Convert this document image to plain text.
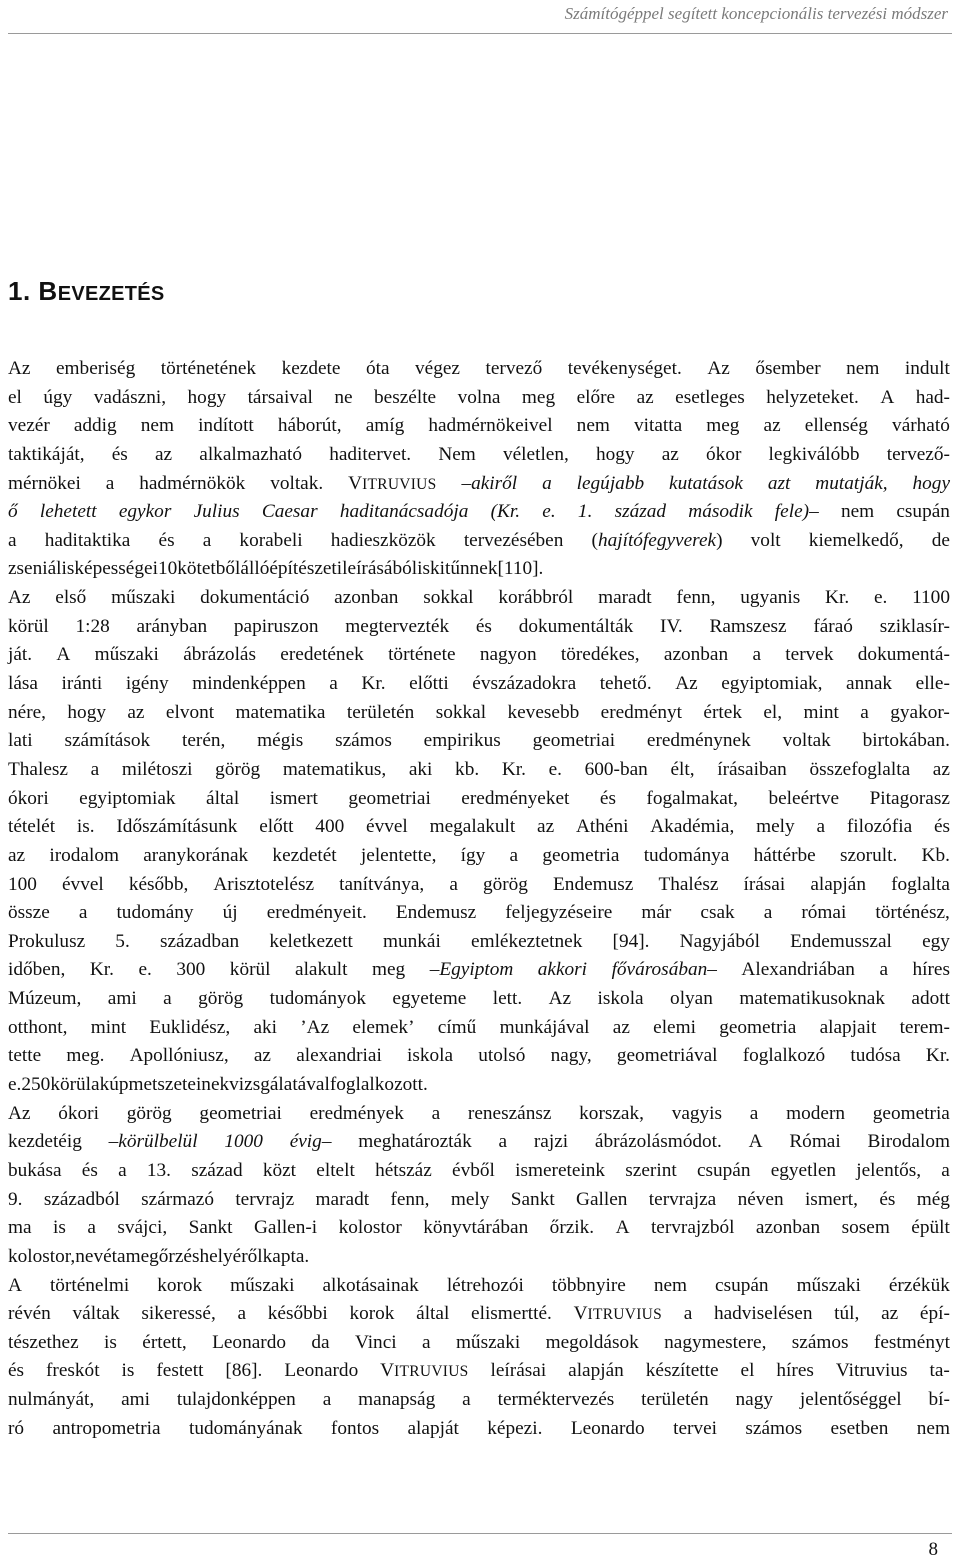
Számítógéppel segített koncepcionális tervezési módszer
1. BEVEZETÉS
Az emberiség történetének kezdete óta végez tervező tevékenységet. Az ősember nem indult
el úgy vadászni, hogy társaival ne beszélte volna meg előre az esetleges helyzeteket. A had-
vezér addig nem indított háborút, amíg hadmérnökeivel nem vitatta meg az ellenség várható
taktikáját, és az alkalmazható haditervet. Nem véletlen, hogy az ókor legkiválóbb tervező-
mérnökei a hadmérnökök voltak. VITRUVIUS –akiről a legújabb kutatások azt mutatják, hogy
ő lehetett egykor Julius Caesar haditanácsadója (Kr. e. 1. század második fele)– nem csupán
a haditaktika és a korabeli hadieszközök tervezésében (hajítófegyverek) volt kiemelkedő, de
zseniális képességei 10 kötetből álló építészeti leírásából is kitűnnek [110].
Az első műszaki dokumentáció azonban sokkal korábbról maradt fenn, ugyanis Kr. e. 1100
körül 1:28 arányban papiruszon megtervezték és dokumentálták IV. Ramszesz fáraó sziklasír-
ját. A műszaki ábrázolás eredetének története nagyon töredékes, azonban a tervek dokumentá-
lása iránti igény mindenképpen a Kr. előtti évszázadokra tehető. Az egyiptomiak, annak elle-
nére, hogy az elvont matematika területén sokkal kevesebb eredményt értek el, mint a gyakor-
lati számítások terén, mégis számos empirikus geometriai eredménynek voltak birtokában.
Thalesz a milétoszi görög matematikus, aki kb. Kr. e. 600-ban élt, írásaiban összefoglalta az
ókori egyiptomiak által ismert geometriai eredményeket és fogalmakat, beleértve Pitagorasz
tételét is. Időszámításunk előtt 400 évvel megalakult az Athéni Akadémia, mely a filozófia és
az irodalom aranykorának kezdetét jelentette, így a geometria tudománya háttérbe szorult. Kb.
100 évvel később, Arisztotelész tanítványa, a görög Endemusz Thalész írásai alapján foglalta
össze a tudomány új eredményeit. Endemusz feljegyzéseire már csak a római történész,
Prokulusz 5. században keletkezett munkái emlékeztetnek [94]. Nagyjából Endemusszal egy
időben, Kr. e. 300 körül alakult meg –Egyiptom akkori fővárosában– Alexandriában a híres
Múzeum, ami a görög tudományok egyeteme lett. Az iskola olyan matematikusoknak adott
otthont, mint Euklidész, aki ’Az elemek’ című munkájával az elemi geometria alapjait terem-
tette meg. Apollóniusz, az alexandriai iskola utolsó nagy, geometriával foglalkozó tudósa Kr.
e. 250 körül a kúp metszeteinek vizsgálatával foglalkozott.
Az ókori görög geometriai eredmények a reneszánsz korszak, vagyis a modern geometria
kezdetéig –körülbelül 1000 évig– meghatározták a rajzi ábrázolásmódot. A Római Birodalom
bukása és a 13. század közt eltelt hétszáz évből ismereteink szerint csupán egyetlen jelentős, a
9. századból származó tervrajz maradt fenn, mely Sankt Gallen tervrajza néven ismert, és még
ma is a svájci, Sankt Gallen-i kolostor könyvtárában őrzik. A tervrajzból azonban sosem épült
kolostor, nevét a megőrzés helyéről kapta.
A történelmi korok műszaki alkotásainak létrehozói többnyire nem csupán műszaki érzékük
révén váltak sikeressé, a későbbi korok által elismertté. VITRUVIUS a hadviselésen túl, az épí-
tészethez is értett, Leonardo da Vinci a műszaki megoldások nagymestere, számos festményt
és freskót is festett [86]. Leonardo VITRUVIUS leírásai alapján készítette el híres Vitruvius ta-
nulmányát, ami tulajdonképpen a manapság a terméktervezés területén nagy jelentőséggel bí-
ró antropometria tudományának fontos alapját képezi. Leonardo tervei számos esetben nem
8
